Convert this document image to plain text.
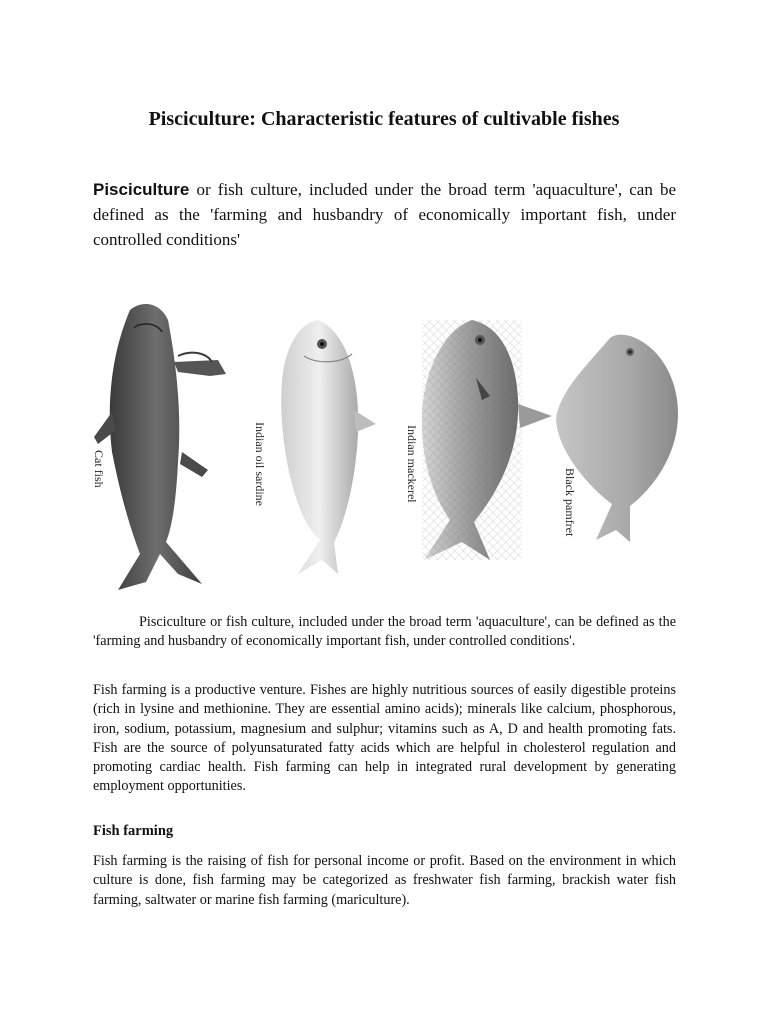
Pisciculture: Characteristic features of cultivable fishes

Pisciculture or fish culture, included under the broad term 'aquaculture', can be defined as the 'farming and husbandry of economically important fish, under controlled conditions'

Cat fish	Indian oil sardine	Indian mackerel	Black pamfret

Pisciculture or fish culture, included under the broad term 'aquaculture', can be defined as the 'farming and husbandry of economically important fish, under controlled conditions'.

Fish farming is a productive venture. Fishes are highly nutritious sources of easily digestible proteins (rich in lysine and methionine. They are essential amino acids); minerals like calcium, phosphorous, iron, sodium, potassium, magnesium and sulphur; vitamins such as A, D and health promoting fats. Fish are the source of polyunsaturated fatty acids which are helpful in cholesterol regulation and promoting cardiac health. Fish farming can help in integrated rural development by generating employment opportunities.

Fish farming

Fish farming is the raising of fish for personal income or profit. Based on the environment in which culture is done, fish farming may be categorized as freshwater fish farming, brackish water fish farming, saltwater or marine fish farming (mariculture).
